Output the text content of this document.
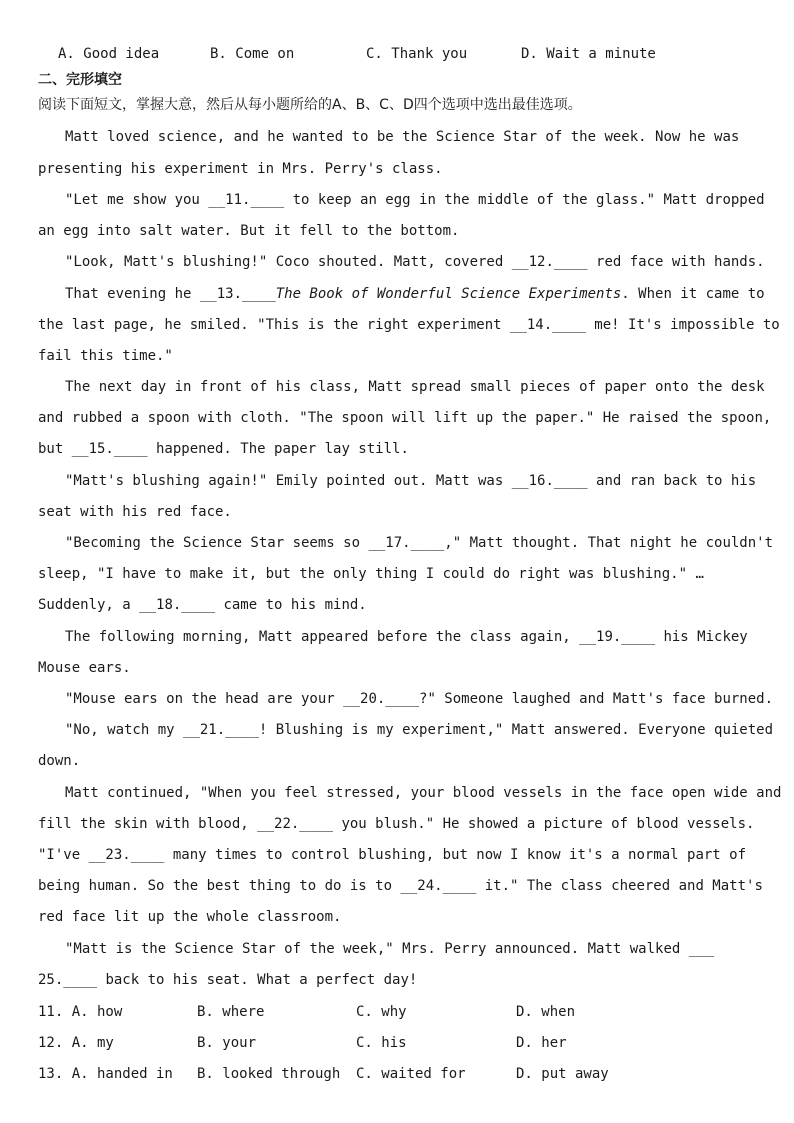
A. Good idea	B. Come on	C. Thank you	D. Wait a minute
二、完形填空
阅读下面短文，掌握大意，然后从每小题所给的A、B、C、D四个选项中选出最佳选项。
Matt loved science, and he wanted to be the Science Star of the week. Now he was
presenting his experiment in Mrs. Perry's class.
"Let me show you __11.____ to keep an egg in the middle of the glass." Matt dropped
an egg into salt water. But it fell to the bottom.
"Look, Matt's blushing!" Coco shouted. Matt, covered __12.____ red face with hands.
That evening he __13.____The Book of Wonderful Science Experiments. When it came to
the last page, he smiled. "This is the right experiment __14.____ me! It's impossible to
fail this time."
The next day in front of his class, Matt spread small pieces of paper onto the desk
and rubbed a spoon with cloth. "The spoon will lift up the paper." He raised the spoon,
but __15.____ happened. The paper lay still.
"Matt's blushing again!" Emily pointed out. Matt was __16.____ and ran back to his
seat with his red face.
"Becoming the Science Star seems so __17.____," Matt thought. That night he couldn't
sleep, "I have to make it, but the only thing I could do right was blushing." …
Suddenly, a __18.____ came to his mind.
The following morning, Matt appeared before the class again, __19.____ his Mickey
Mouse ears.
"Mouse ears on the head are your __20.____?" Someone laughed and Matt's face burned.
"No, watch my __21.____! Blushing is my experiment," Matt answered. Everyone quieted
down.
Matt continued, "When you feel stressed, your blood vessels in the face open wide and
fill the skin with blood, __22.____ you blush." He showed a picture of blood vessels.
"I've __23.____ many times to control blushing, but now I know it's a normal part of
being human. So the best thing to do is to __24.____ it." The class cheered and Matt's
red face lit up the whole classroom.
"Matt is the Science Star of the week," Mrs. Perry announced. Matt walked ___
25.____ back to his seat. What a perfect day!
11. A. how	B. where	C. why	D. when
12. A. my	B. your	C. his	D. her
13. A. handed in B. looked through C. waited for	D. put away
